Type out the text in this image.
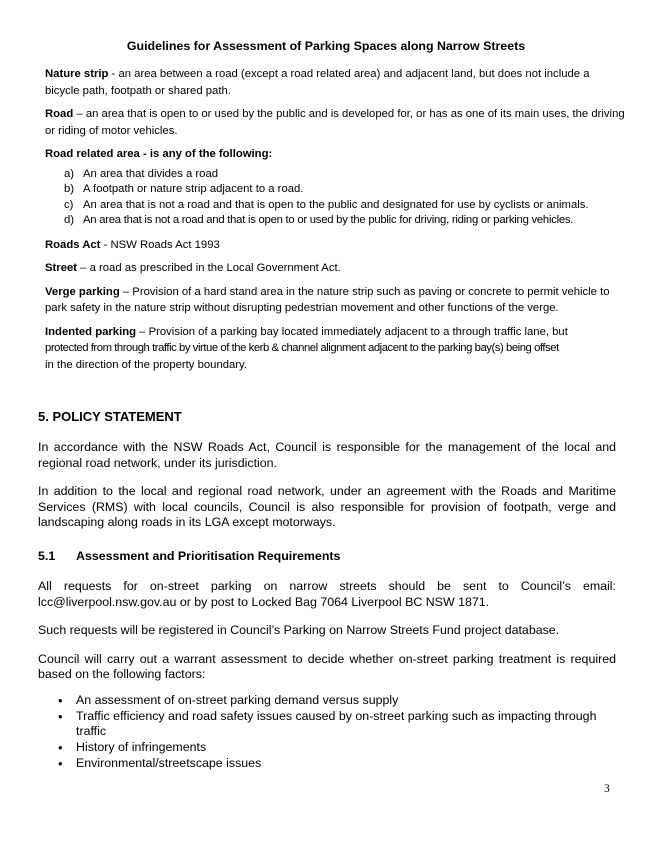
Guidelines for Assessment of Parking Spaces along Narrow Streets

Nature strip - an area between a road (except a road related area) and adjacent land, but does not include a bicycle path, footpath or shared path.

Road – an area that is open to or used by the public and is developed for, or has as one of its main uses, the driving or riding of motor vehicles.

Road related area - is any of the following:

a) An area that divides a road
b) A footpath or nature strip adjacent to a road.
c) An area that is not a road and that is open to the public and designated for use by cyclists or animals.
d) An area that is not a road and that is open to or used by the public for driving, riding or parking vehicles.

Roads Act - NSW Roads Act 1993

Street – a road as prescribed in the Local Government Act.

Verge parking – Provision of a hard stand area in the nature strip such as paving or concrete to permit vehicle to park safety in the nature strip without disrupting pedestrian movement and other functions of the verge.

Indented parking – Provision of a parking bay located immediately adjacent to a through traffic lane, but
protected from through traffic by virtue of the kerb & channel alignment adjacent to the parking bay(s) being offset
in the direction of the property boundary.

5. POLICY STATEMENT

In accordance with the NSW Roads Act, Council is responsible for the management of the local and regional road network, under its jurisdiction.

In addition to the local and regional road network, under an agreement with the Roads and Maritime Services (RMS) with local councils, Council is also responsible for provision of footpath, verge and landscaping along roads in its LGA except motorways.

5.1	Assessment and Prioritisation Requirements

All requests for on-street parking on narrow streets should be sent to Council’s email: lcc@liverpool.nsw.gov.au or by post to Locked Bag 7064 Liverpool BC NSW 1871.

Such requests will be registered in Council’s Parking on Narrow Streets Fund project database.

Council will carry out a warrant assessment to decide whether on-street parking treatment is required based on the following factors:

•	An assessment of on-street parking demand versus supply
•	Traffic efficiency and road safety issues caused by on-street parking such as impacting through traffic
•	History of infringements
•	Environmental/streetscape issues
3
